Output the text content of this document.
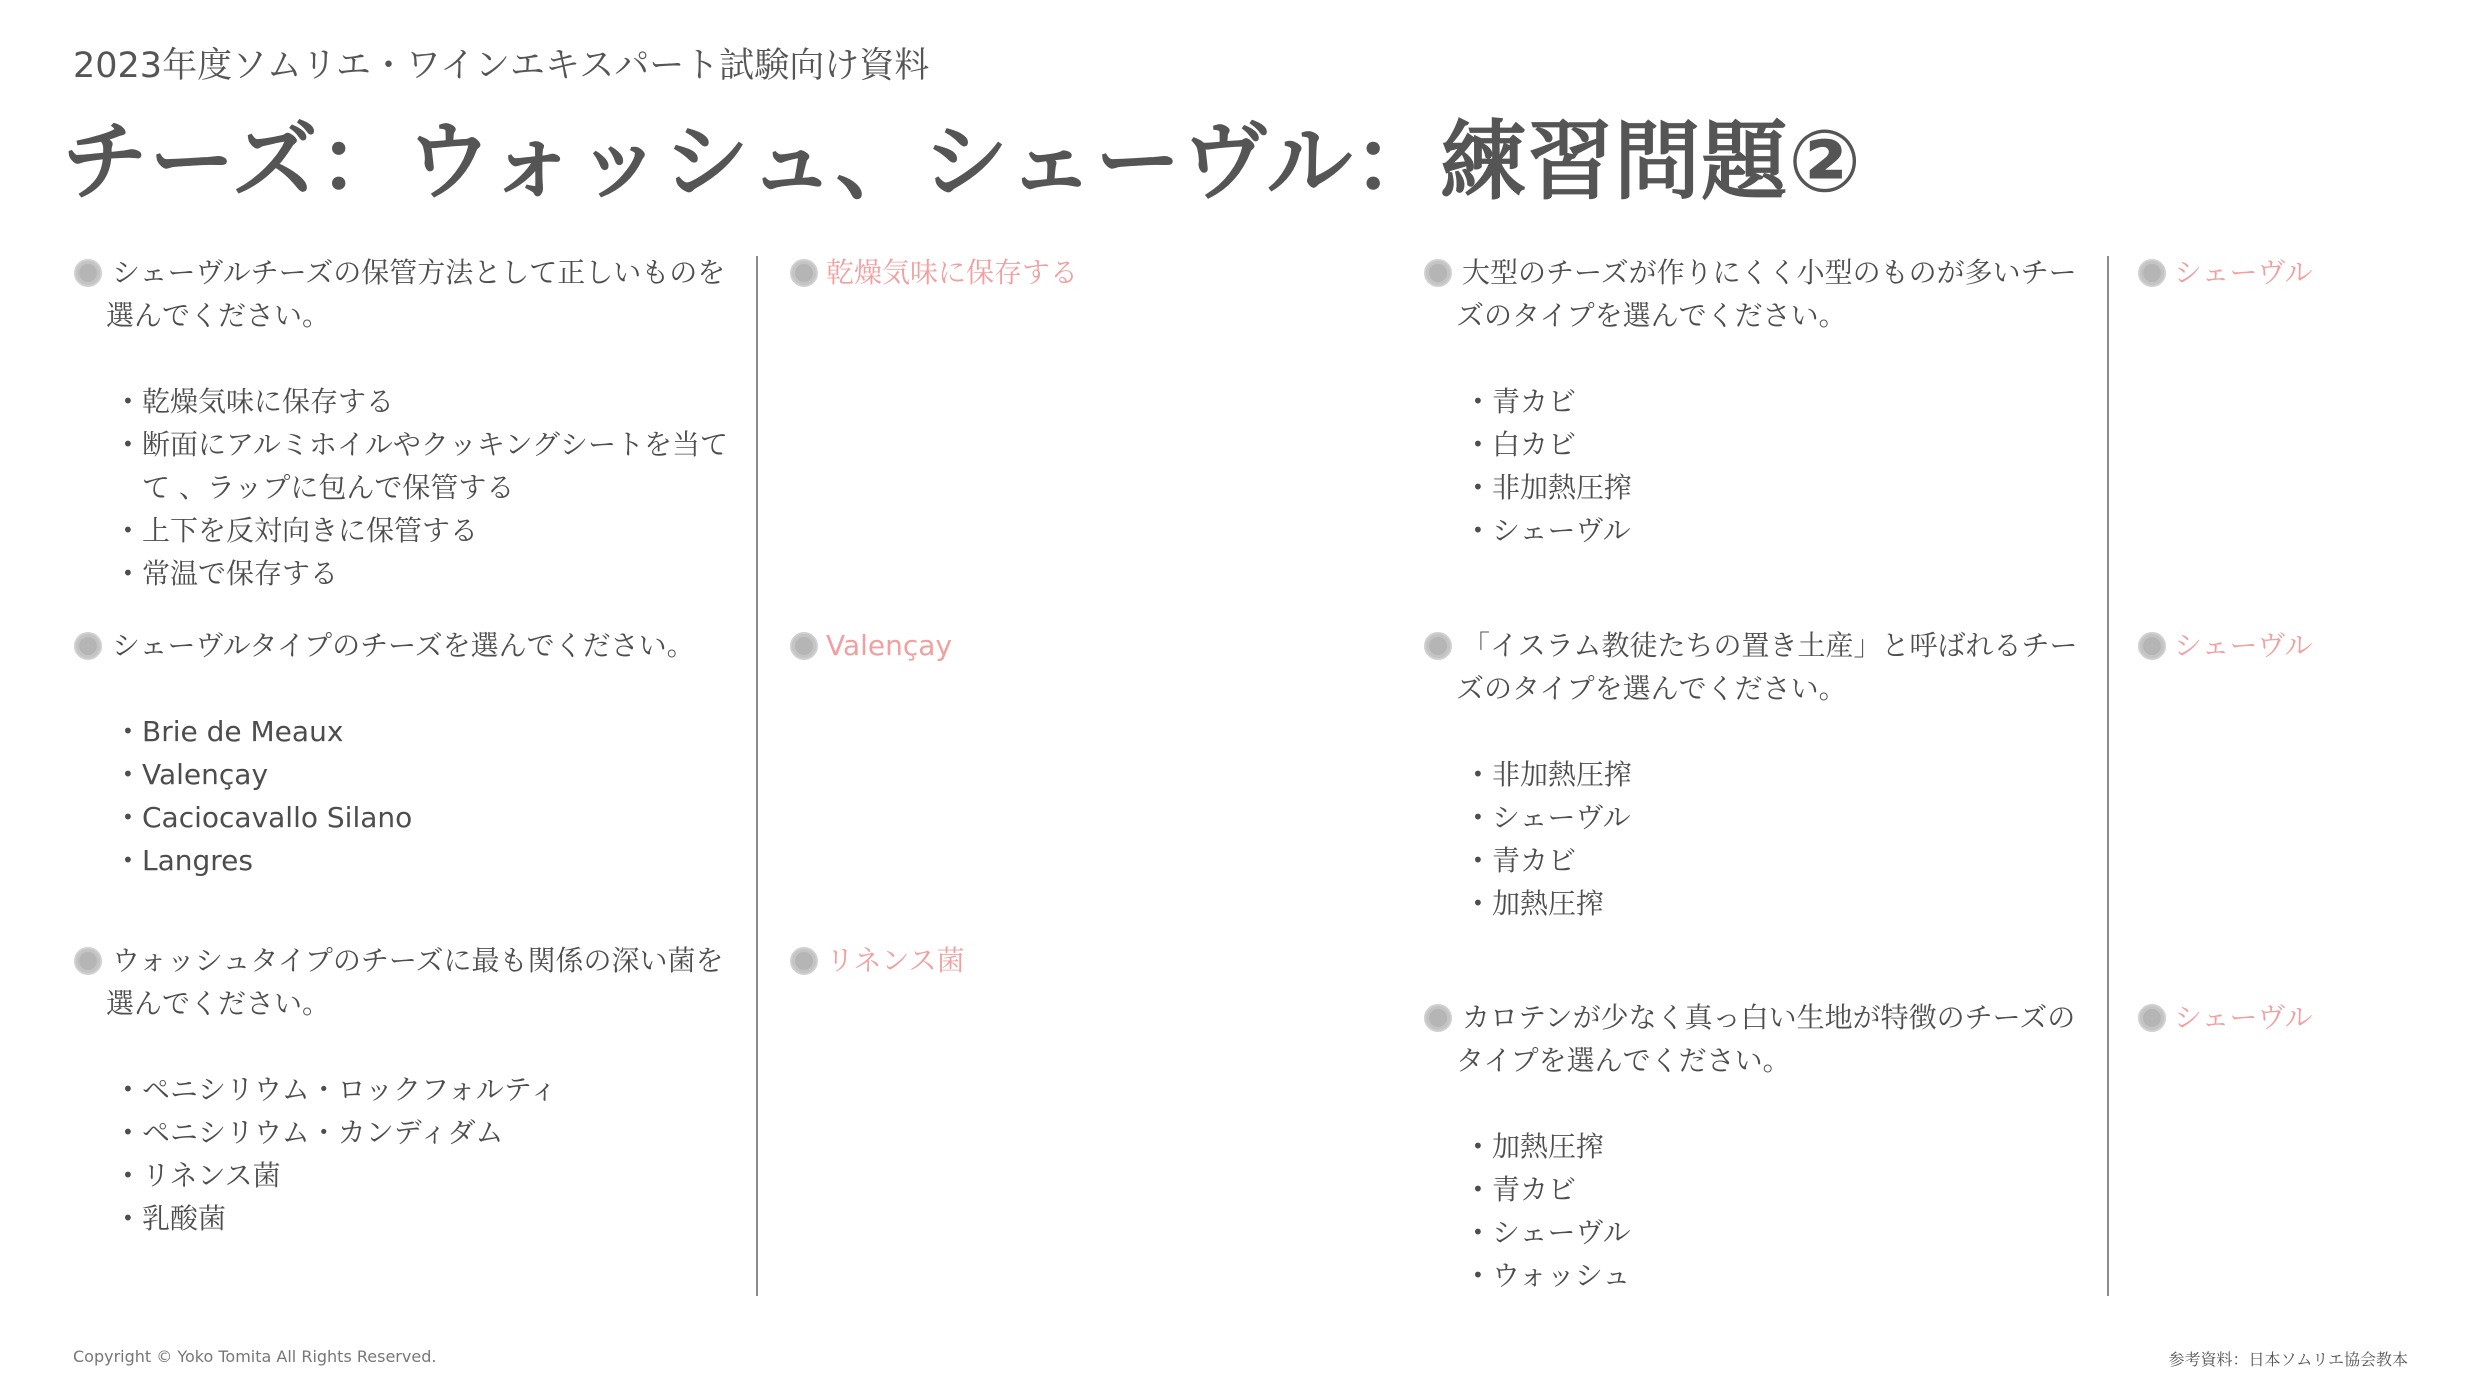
2023年度ソムリエ・ワインエキスパート試験向け資料
チーズ：ウォッシュ、シェーヴル：練習問題②
シェーヴルチーズの保管方法として正しいものを選んでください。
• 乾燥気味に保存する
• 断面にアルミホイルやクッキングシートを当てて 、ラップに包んで保管する
• 上下を反対向きに保管する
• 常温で保存する
乾燥気味に保存する
シェーヴルタイプのチーズを選んでください。
• Brie de Meaux
• Valençay
• Caciocavallo Silano
• Langres
Valençay
ウォッシュタイプのチーズに最も関係の深い菌を選んでください。
• ペニシリウム・ロックフォルティ
• ペニシリウム・カンディダム
• リネンス菌
• 乳酸菌
リネンス菌
大型のチーズが作りにくく小型のものが多いチーズのタイプを選んでください。
• 青カビ
• 白カビ
• 非加熱圧搾
• シェーヴル
シェーヴル
「イスラム教徒たちの置き土産」と呼ばれるチーズのタイプを選んでください。
• 非加熱圧搾
• シェーヴル
• 青カビ
• 加熱圧搾
シェーヴル
カロテンが少なく真っ白い生地が特徴のチーズのタイプを選んでください。
• 加熱圧搾
• 青カビ
• シェーヴル
• ウォッシュ
シェーヴル
Copyright © Yoko Tomita All Rights Reserved.	参考資料：日本ソムリエ協会教本
